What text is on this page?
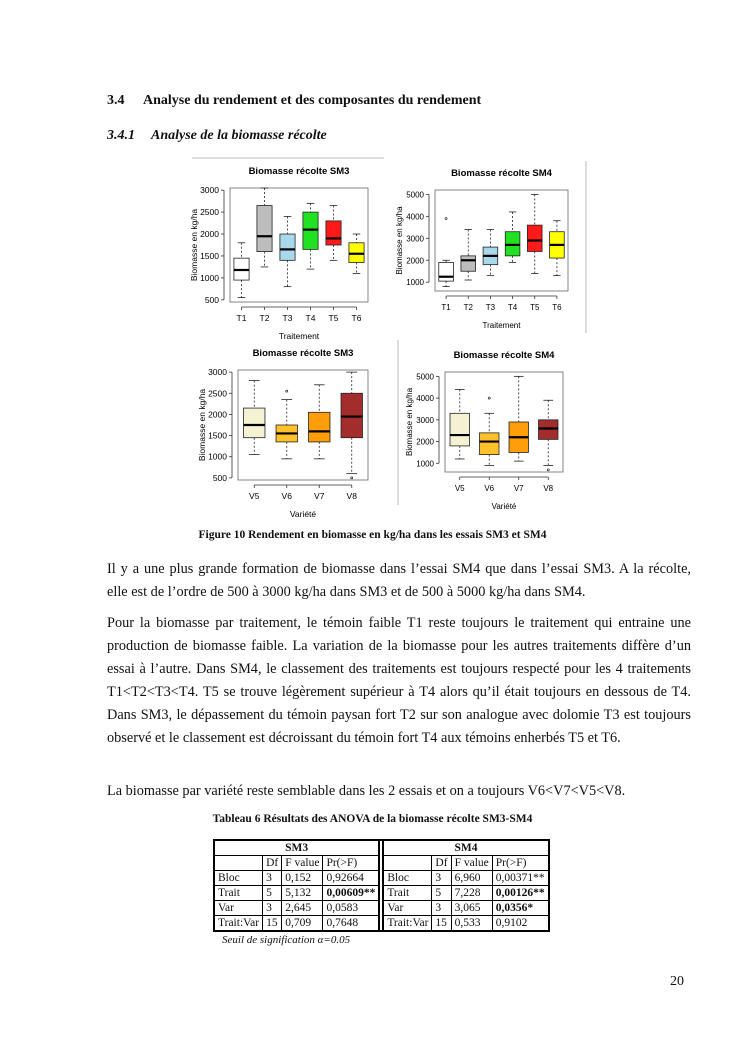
3.4 Analyse du rendement et des composantes du rendement
3.4.1 Analyse de la biomasse récolte
Biomasse récolte SM3
500
1000
1500
2000
2500
3000
Biomasse en kg/ha
T1 T2 T3 T4 T5 T6
Traitement
Biomasse récolte SM4
1000
2000
3000
4000
5000
Biomasse en kg/ha
T1 T2 T3 T4 T5 T6
Traitement
Biomasse récolte SM3
500
1000
1500
2000
2500
3000
Biomasse en kg/ha
V5	V6	V7	V8
Variété
Biomasse récolte SM4
1000
2000
3000
4000
5000
Biomasse en kg/ha
V5 V6 V7 V8
Variété
Figure 10 Rendement en biomasse en kg/ha dans les essais SM3 et SM4

Il y a une plus grande formation de biomasse dans l’essai SM4 que dans l’essai SM3. A la récolte, elle est de l’ordre de 500 à 3000 kg/ha dans SM3 et de 500 à 5000 kg/ha dans SM4.

Pour la biomasse par traitement, le témoin faible T1 reste toujours le traitement qui entraine une production de biomasse faible. La variation de la biomasse pour les autres traitements diffère d’un essai à l’autre. Dans SM4, le classement des traitements est toujours respecté pour les 4 traitements T1<T2<T3<T4. T5 se trouve légèrement supérieur à T4 alors qu’il était toujours en dessous de T4. Dans SM3, le dépassement du témoin paysan fort T2 sur son analogue avec dolomie T3 est toujours observé et le classement est décroissant du témoin fort T4 aux témoins enherbés T5 et T6.

La biomasse par variété reste semblable dans les 2 essais et on a toujours V6<V7<V5<V8.

Tableau 6 Résultats des ANOVA de la biomasse récolte SM3-SM4
SM3					SM4			
	Df	F value	Pr(>F)			Df	F value	Pr(>F)
Bloc	3	0,152	0,92664		Bloc	3	6,960	0,00371**
Trait	5	5,132	0,00609**		Trait	5	7,228	0,00126**
Var	3	2,645	0,0583		Var	3	3,065	0,0356*
Trait:Var	15	0,709	0,7648		Trait:Var	15	0,533	0,9102
Seuil de signification α=0.05
20
